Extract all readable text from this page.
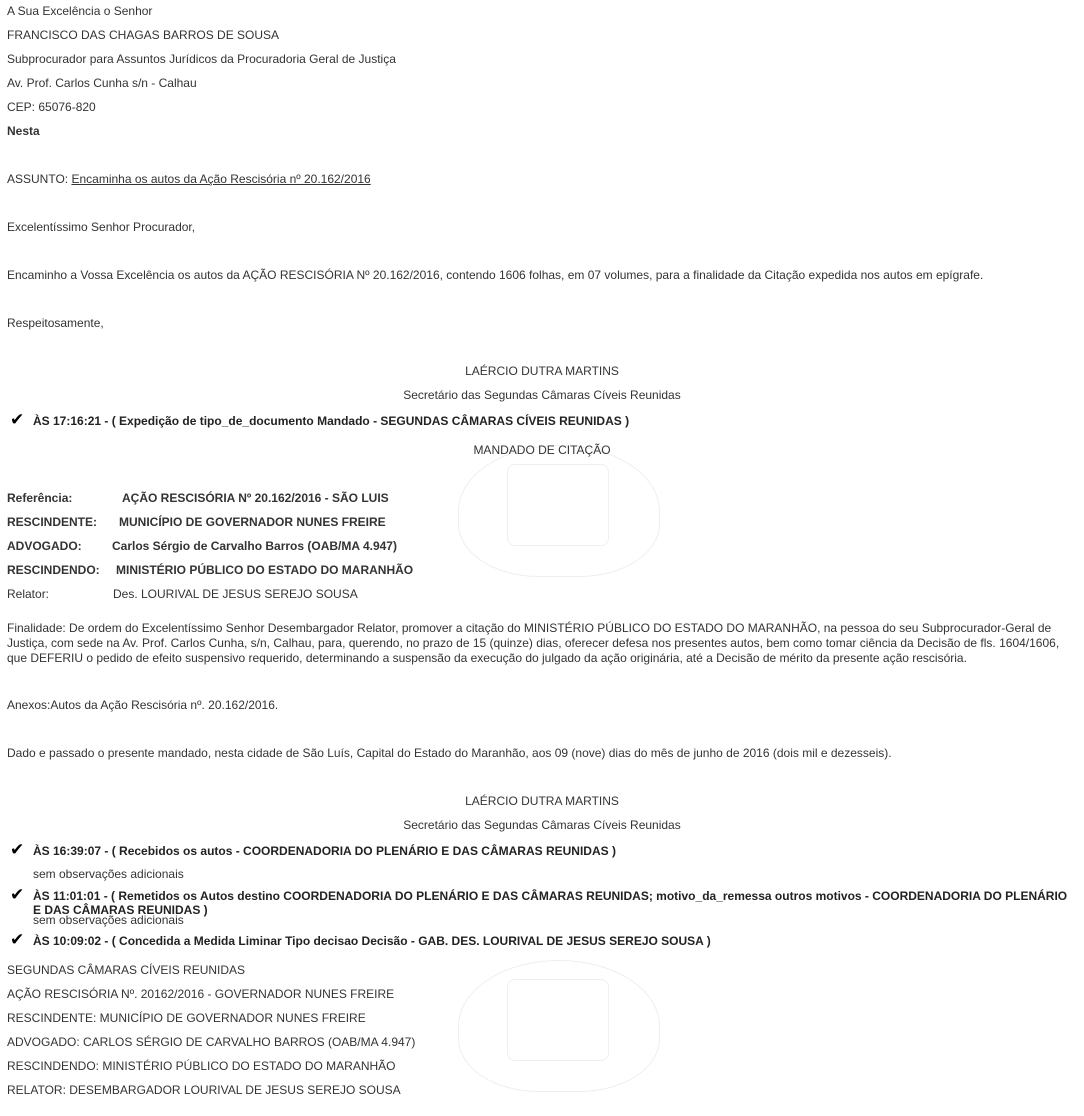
A Sua Excelência o Senhor
FRANCISCO DAS CHAGAS BARROS DE SOUSA
Subprocurador para Assuntos Jurídicos da Procuradoria Geral de Justiça
Av. Prof. Carlos Cunha s/n - Calhau
CEP: 65076-820
Nesta
ASSUNTO: Encaminha os autos da Ação Rescisória nº 20.162/2016
Excelentíssimo Senhor Procurador,
Encaminho a Vossa Excelência os autos da AÇÃO RESCISÓRIA Nº 20.162/2016, contendo 1606 folhas, em 07 volumes, para a finalidade da Citação expedida nos autos em epígrafe.
Respeitosamente,
LAÉRCIO DUTRA MARTINS
Secretário das Segundas Câmaras Cíveis Reunidas
✔ ÀS 17:16:21 - ( Expedição de tipo_de_documento Mandado - SEGUNDAS CÂMARAS CÍVEIS REUNIDAS )
MANDADO DE CITAÇÃO
Referência:	AÇÃO RESCISÓRIA Nº 20.162/2016 - SÃO LUIS
RESCINDENTE: MUNICÍPIO DE GOVERNADOR NUNES FREIRE
ADVOGADO:	Carlos Sérgio de Carvalho Barros (OAB/MA 4.947)
RESCINDENDO: MINISTÉRIO PÚBLICO DO ESTADO DO MARANHÃO
Relator:	Des. LOURIVAL DE JESUS SEREJO SOUSA
Finalidade: De ordem do Excelentíssimo Senhor Desembargador Relator, promover a citação do MINISTÉRIO PÚBLICO DO ESTADO DO MARANHÃO, na pessoa do seu Subprocurador-Geral de Justiça, com sede na Av. Prof. Carlos Cunha, s/n, Calhau, para, querendo, no prazo de 15 (quinze) dias, oferecer defesa nos presentes autos, bem como tomar ciência da Decisão de fls. 1604/1606, que DEFERIU o pedido de efeito suspensivo requerido, determinando a suspensão da execução do julgado da ação originária, até a Decisão de mérito da presente ação rescisória.
Anexos:Autos da Ação Rescisória nº. 20.162/2016.
Dado e passado o presente mandado, nesta cidade de São Luís, Capital do Estado do Maranhão, aos 09 (nove) dias do mês de junho de 2016 (dois mil e dezesseis).
LAÉRCIO DUTRA MARTINS
Secretário das Segundas Câmaras Cíveis Reunidas
✔ ÀS 16:39:07 - ( Recebidos os autos - COORDENADORIA DO PLENÁRIO E DAS CÂMARAS REUNIDAS )
sem observações adicionais
✔ ÀS 11:01:01 - ( Remetidos os Autos destino COORDENADORIA DO PLENÁRIO E DAS CÂMARAS REUNIDAS; motivo_da_remessa outros motivos - COORDENADORIA DO PLENÁRIO
E DAS CÂMARAS REUNIDAS )
sem observações adicionais
✔ ÀS 10:09:02 - ( Concedida a Medida Liminar Tipo decisao Decisão - GAB. DES. LOURIVAL DE JESUS SEREJO SOUSA )
SEGUNDAS CÂMARAS CÍVEIS REUNIDAS
AÇÃO RESCISÓRIA Nº. 20162/2016 - GOVERNADOR NUNES FREIRE
RESCINDENTE: MUNICÍPIO DE GOVERNADOR NUNES FREIRE
ADVOGADO: CARLOS SÉRGIO DE CARVALHO BARROS (OAB/MA 4.947)
RESCINDENDO: MINISTÉRIO PÚBLICO DO ESTADO DO MARANHÃO
RELATOR: DESEMBARGADOR LOURIVAL DE JESUS SEREJO SOUSA
